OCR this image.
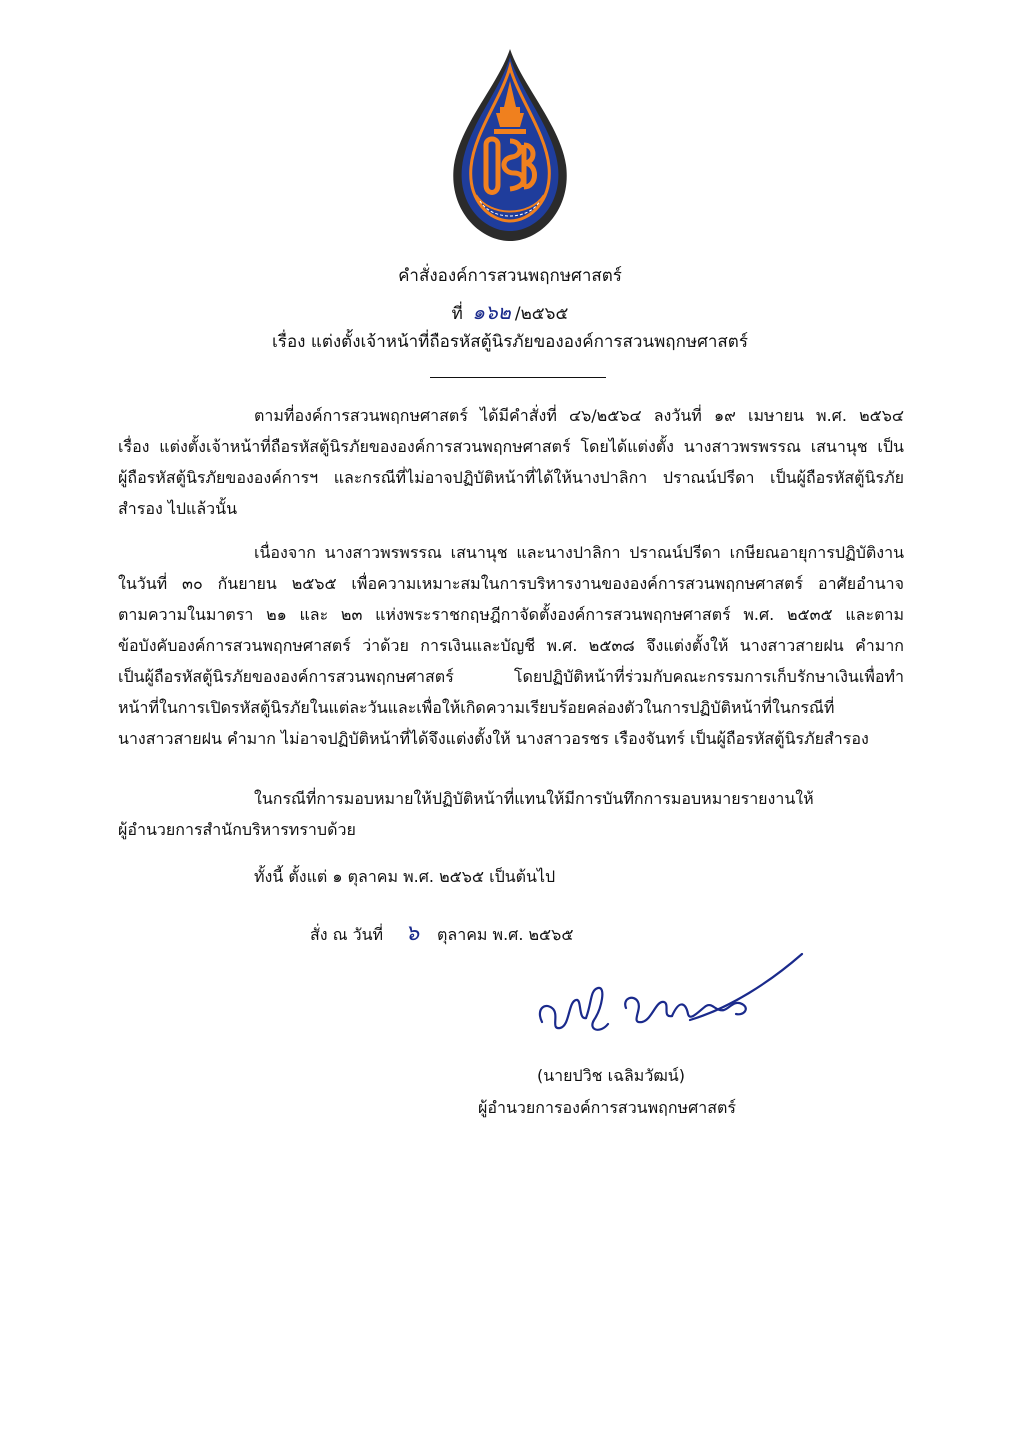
คำสั่งองค์การสวนพฤกษศาสตร์
ที่ ๑๖๒ /๒๕๖๕
เรื่อง แต่งตั้งเจ้าหน้าที่ถือรหัสตู้นิรภัยขององค์การสวนพฤกษศาสตร์
ตามที่องค์การสวนพฤกษศาสตร์ ได้มีคำสั่งที่ ๔๖/๒๕๖๔ ลงวันที่ ๑๙ เมษายน พ.ศ. ๒๕๖๔
เรื่อง แต่งตั้งเจ้าหน้าที่ถือรหัสตู้นิรภัยขององค์การสวนพฤกษศาสตร์ โดยได้แต่งตั้ง นางสาวพรพรรณ เสนานุช เป็น
ผู้ถือรหัสตู้นิรภัยขององค์การฯ และกรณีที่ไม่อาจปฏิบัติหน้าที่ได้ให้นางปาลิกา ปราณน์ปรีดา เป็นผู้ถือรหัสตู้นิรภัย
สำรอง ไปแล้วนั้น
เนื่องจาก นางสาวพรพรรณ เสนานุช และนางปาลิกา ปราณน์ปรีดา เกษียณอายุการปฏิบัติงาน
ในวันที่ ๓๐ กันยายน ๒๕๖๕ เพื่อความเหมาะสมในการบริหารงานขององค์การสวนพฤกษศาสตร์ อาศัยอำนาจ
ตามความในมาตรา ๒๑ และ ๒๓ แห่งพระราชกฤษฎีกาจัดตั้งองค์การสวนพฤกษศาสตร์ พ.ศ. ๒๕๓๕ และตาม
ข้อบังคับองค์การสวนพฤกษศาสตร์ ว่าด้วย การเงินและบัญชี พ.ศ. ๒๕๓๘ จึงแต่งตั้งให้ นางสาวสายฝน คำมาก
เป็นผู้ถือรหัสตู้นิรภัยขององค์การสวนพฤกษศาสตร์ โดยปฏิบัติหน้าที่ร่วมกับคณะกรรมการเก็บรักษาเงินเพื่อทำ
หน้าที่ในการเปิดรหัสตู้นิรภัยในแต่ละวันและเพื่อให้เกิดความเรียบร้อยคล่องตัวในการปฏิบัติหน้าที่ในกรณีที่
นางสาวสายฝน คำมาก ไม่อาจปฏิบัติหน้าที่ได้จึงแต่งตั้งให้ นางสาวอรชร เรืองจันทร์ เป็นผู้ถือรหัสตู้นิรภัยสำรอง
ในกรณีที่การมอบหมายให้ปฏิบัติหน้าที่แทนให้มีการบันทึกการมอบหมายรายงานให้
ผู้อำนวยการสำนักบริหารทราบด้วย
ทั้งนี้ ตั้งแต่ ๑ ตุลาคม พ.ศ. ๒๕๖๕ เป็นต้นไป
สั่ง ณ วันที่ ๖ ตุลาคม พ.ศ. ๒๕๖๕
(นายปวิช เฉลิมวัฒน์)
ผู้อำนวยการองค์การสวนพฤกษศาสตร์
